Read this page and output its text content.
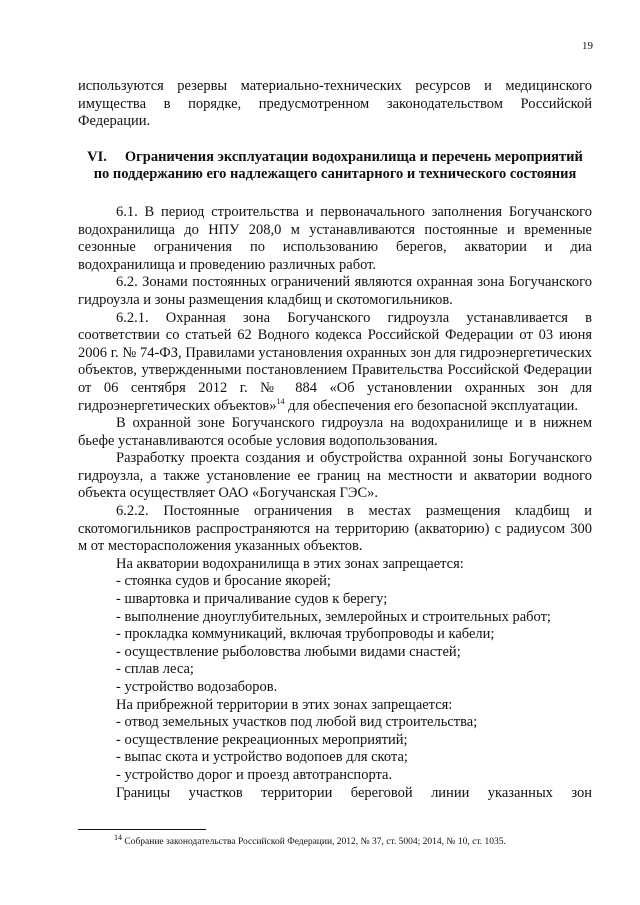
19

используются резервы материально-технических ресурсов и медицинского имущества в порядке, предусмотренном законодательством Российской Федерации.

VI. Ограничения эксплуатации водохранилища и перечень мероприятий по поддержанию его надлежащего санитарного и технического состояния

6.1. В период строительства и первоначального заполнения Богучанского водохранилища до НПУ 208,0 м устанавливаются постоянные и временные сезонные ограничения по использованию берегов, акватории и диа водохранилища и проведению различных работ.

6.2. Зонами постоянных ограничений являются охранная зона Богучанского гидроузла и зоны размещения кладбищ и скотомогильников.

6.2.1. Охранная зона Богучанского гидроузла устанавливается в соответствии со статьей 62 Водного кодекса Российской Федерации от 03 июня 2006 г. № 74-ФЗ, Правилами установления охранных зон для гидроэнергетических объектов, утвержденными постановлением Правительства Российской Федерации от 06 сентября 2012 г. № 884 «Об установлении охранных зон для гидроэнергетических объектов»$^{14}$ для обеспечения его безопасной эксплуатации.

В охранной зоне Богучанского гидроузла на водохранилище и в нижнем бьефе устанавливаются особые условия водопользования.

Разработку проекта создания и обустройства охранной зоны Богучанского гидроузла, а также установление ее границ на местности и акватории водного объекта осуществляет ОАО «Богучанская ГЭС».

6.2.2. Постоянные ограничения в местах размещения кладбищ и скотомогильников распространяются на территорию (акваторию) с радиусом 300 м от месторасположения указанных объектов.

На акватории водохранилища в этих зонах запрещается:

- стоянка судов и бросание якорей;

- швартовка и причаливание судов к берегу;

- выполнение дноуглубительных, землеройных и строительных работ;

- прокладка коммуникаций, включая трубопроводы и кабели;

- осуществление рыболовства любыми видами снастей;

- сплав леса;

- устройство водозаборов.

На прибрежной территории в этих зонах запрещается:

- отвод земельных участков под любой вид строительства;

- осуществление рекреационных мероприятий;

- выпас скота и устройство водопоев для скота;

- устройство дорог и проезд автотранспорта.

Границы участков территории береговой линии указанных зон

$^{14}$ Собрание законодательства Российской Федерации, 2012, № 37, ст. 5004; 2014, № 10, ст. 1035.
